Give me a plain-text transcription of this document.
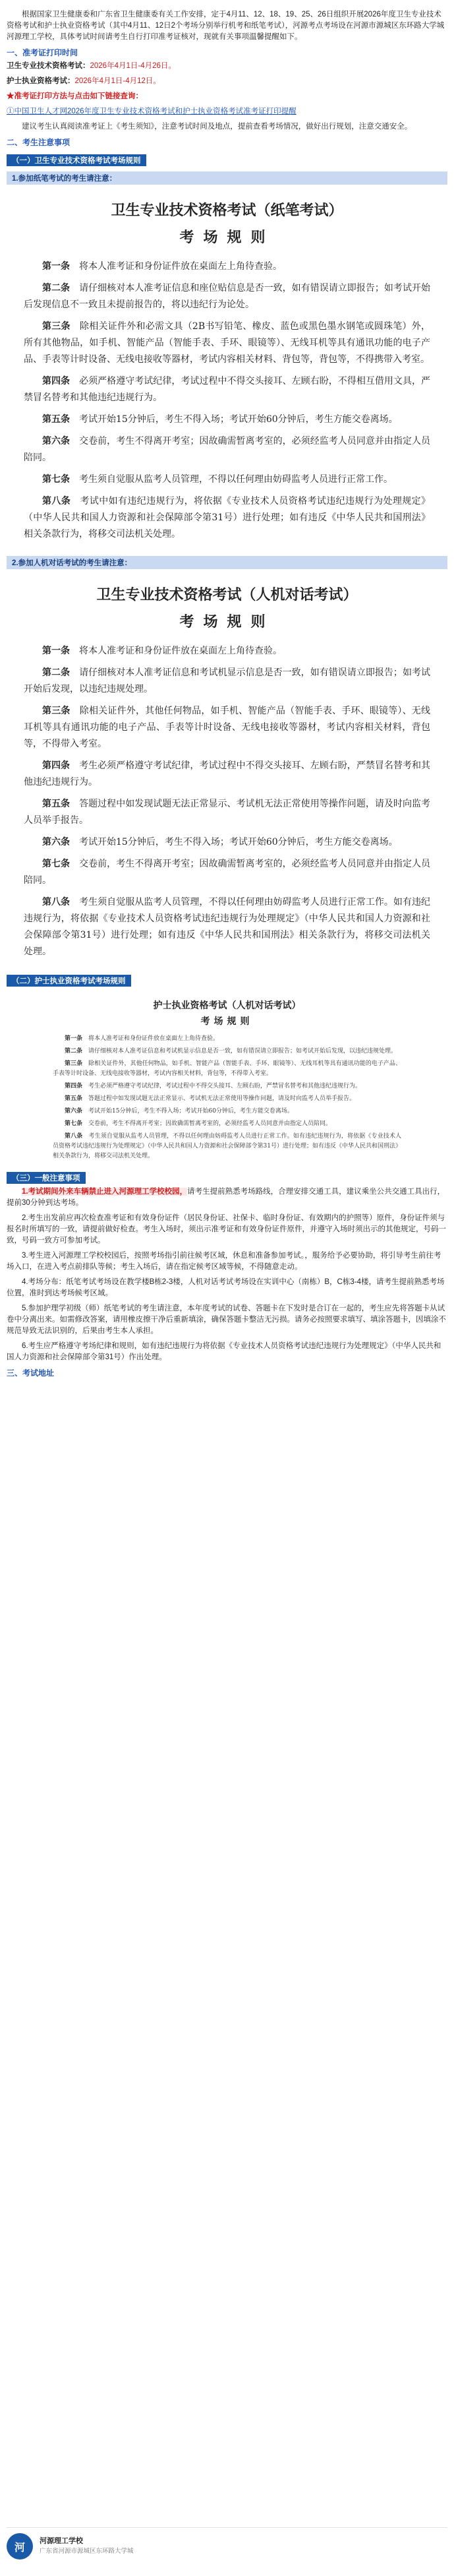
根据国家卫生健康委和广东省卫生健康委有关工作安排，定于4月11、12、18、19、25、26日组织开展2026年度卫生专业技术资格考试和护士执业资格考试（其中4月11、12日2个考场分别举行机考和纸笔考试），河源考点考场设在河源市源城区东环路大学城河源理工学校，具体考试时间请考生自行打印准考证核对，现就有关事项温馨提醒如下。

一、准考证打印时间

卫生专业技术资格考试：2026年4月1日-4月26日。

护士执业资格考试：2026年4月1日-4月12日。

★准考证打印方法与点击如下链接查询：

①中国卫生人才网2026年度卫生专业技术资格考试和护士执业资格考试准考证打印提醒

建议考生认真阅读准考证上《考生须知》，注意考试时间及地点，提前查看考场情况，做好出行规划，注意交通安全。

二、考生注意事项
（一）卫生专业技术资格考试考场规则
1.参加纸笔考试的考生请注意：
卫生专业技术资格考试（纸笔考试）
考场规则

第一条  将本人准考证和身份证件放在桌面左上角待查验。

第二条  请仔细核对本人准考证信息和座位贴信息是否一致，如有错误请立即报告；如考试开始后发现信息不一致且未提前报告的，将以违纪行为论处。

第三条  除相关证件外和必需文具（2B书写铅笔、橡皮、蓝色或黑色墨水钢笔或圆珠笔）外，所有其他物品，如手机、智能产品（智能手表、手环、眼镜等）、无线耳机等具有通讯功能的电子产品、手表等计时设备、无线电接收等器材，考试内容相关材料、背包等，背包等，不得携带入考室。

第四条  必须严格遵守考试纪律，考试过程中不得交头接耳、左顾右盼，不得相互借用文具，严禁冒名替考和其他违纪违规行为。

第五条  考试开始15分钟后，考生不得入场；考试开始60分钟后，考生方能交卷离场。

第六条  交卷前，考生不得离开考室；因故确需暂离考室的，必须经监考人员同意并由指定人员陪同。

第七条  考生须自觉服从监考人员管理，不得以任何理由妨碍监考人员进行正常工作。

第八条  考试中如有违纪违规行为，将依据《专业技术人员资格考试违纪违规行为处理规定》（中华人民共和国人力资源和社会保障部令第31号）进行处理；如有违反《中华人民共和国刑法》相关条款行为，将移交司法机关处理。

2.参加人机对话考试的考生请注意：
卫生专业技术资格考试（人机对话考试）
考场规则

第一条  将本人准考证和身份证件放在桌面左上角待查验。

第二条  请仔细核对本人准考证信息和考试机显示信息是否一致，如有错误请立即报告；如考试开始后发现，以违纪违规处理。

第三条  除相关证件外，其他任何物品，如手机、智能产品（智能手表、手环、眼镜等）、无线耳机等具有通讯功能的电子产品、手表等计时设备、无线电接收等器材，考试内容相关材料，背包等，不得带入考室。

第四条  考生必须严格遵守考试纪律，考试过程中不得交头接耳、左顾右盼，严禁冒名替考和其他违纪违规行为。

第五条  答题过程中如发现试题无法正常显示、考试机无法正常使用等操作问题，请及时向监考人员举手报告。

第六条  考试开始15分钟后，考生不得入场；考试开始60分钟后，考生方能交卷离场。

第七条  交卷前，考生不得离开考室；因故确需暂离考室的，必须经监考人员同意并由指定人员陪同。

第八条  考生须自觉服从监考人员管理，不得以任何理由妨碍监考人员进行正常工作。如有违纪违规行为，将依据《专业技术人员资格考试违纪违规行为处理规定》（中华人民共和国人力资源和社会保障部令第31号）进行处理；如有违反《中华人民共和国刑法》相关条款行为，将移交司法机关处理。

（二）护士执业资格考试考场规则
护士执业资格考试（人机对话考试）
考场规则

第一条  将本人准考证和身份证件放在桌面左上角待查验。

第二条  请仔细核对本人准考证信息和考试机显示信息是否一致，如有错误请立即报告；如考试开始后发现，以违纪违规处理。

第三条  除相关证件外，其他任何物品，如手机、智能产品（智能手表、手环、眼镜等）、无线耳机等具有通讯功能的电子产品、手表等计时设备、无线电接收等器材，考试内容相关材料，背包等，不得带入考室。

第四条  考生必须严格遵守考试纪律，考试过程中不得交头接耳、左顾右盼，严禁冒名替考和其他违纪违规行为。

第五条  答题过程中如发现试题无法正常显示、考试机无法正常使用等操作问题，请及时向监考人员举手报告。

第六条  考试开始15分钟后，考生不得入场；考试开始60分钟后，考生方能交卷离场。

第七条  交卷前，考生不得离开考室；因故确需暂离考室的，必须经监考人员同意并由指定人员陪同。

第八条  考生须自觉服从监考人员管理，不得以任何理由妨碍监考人员进行正常工作。如有违纪违规行为，将依据《专业技术人员资格考试违纪违规行为处理规定》（中华人民共和国人力资源和社会保障部令第31号）进行处理；如有违反《中华人民共和国刑法》相关条款行为，将移交司法机关处理。

（三）一般注意事项

1.考试期间外来车辆禁止进入河源理工学校校园，请考生提前熟悉考场路线，合理安排交通工具，建议乘坐公共交通工具出行，提前30分钟到达考场。

2.考生出发前应再次检查准考证和有效身份证件（居民身份证、社保卡、临时身份证、有效期内的护照等）原件，身份证件须与报名时所填写的一致，请提前做好检查。考生入场时，须出示准考证和有效身份证件原件，并遵守入场时须出示的其他规定，号码一致，号码一致方可参加考试。

3.考生进入河源理工学校校园后，按照考场指引前往候考区域，休息和准备参加考试。，服务给予必要协助，将引导考生前往考场入口，在进入考点前排队等候；考生入场后，请在指定候考区域等候，不得随意走动。

4.考场分布：纸笔考试考场设在教学楼B栋2-3楼，人机对话考试考场设在实训中心（南栋）B，C栋3-4楼，请考生提前熟悉考场位置，准时到达考场候考区域。

5.参加护理学初级（师）纸笔考试的考生请注意，本年度考试的试卷、答题卡在下发时是合订在一起的，考生应先将答题卡从试卷中分离出来。如需修改答案，请用橡皮擦干净后重新填涂，确保答题卡整洁无污损。请务必按照要求填写、填涂答题卡，因填涂不规范导致无法识别的，后果由考生本人承担。

6.考生应严格遵守考场纪律和规则，如有违纪违规行为将依据《专业技术人员资格考试违纪违规行为处理规定》（中华人民共和国人力资源和社会保障部令第31号）作出处理。

三、考试地址
河
河源理工学校
广东省河源市源城区东环路大学城
